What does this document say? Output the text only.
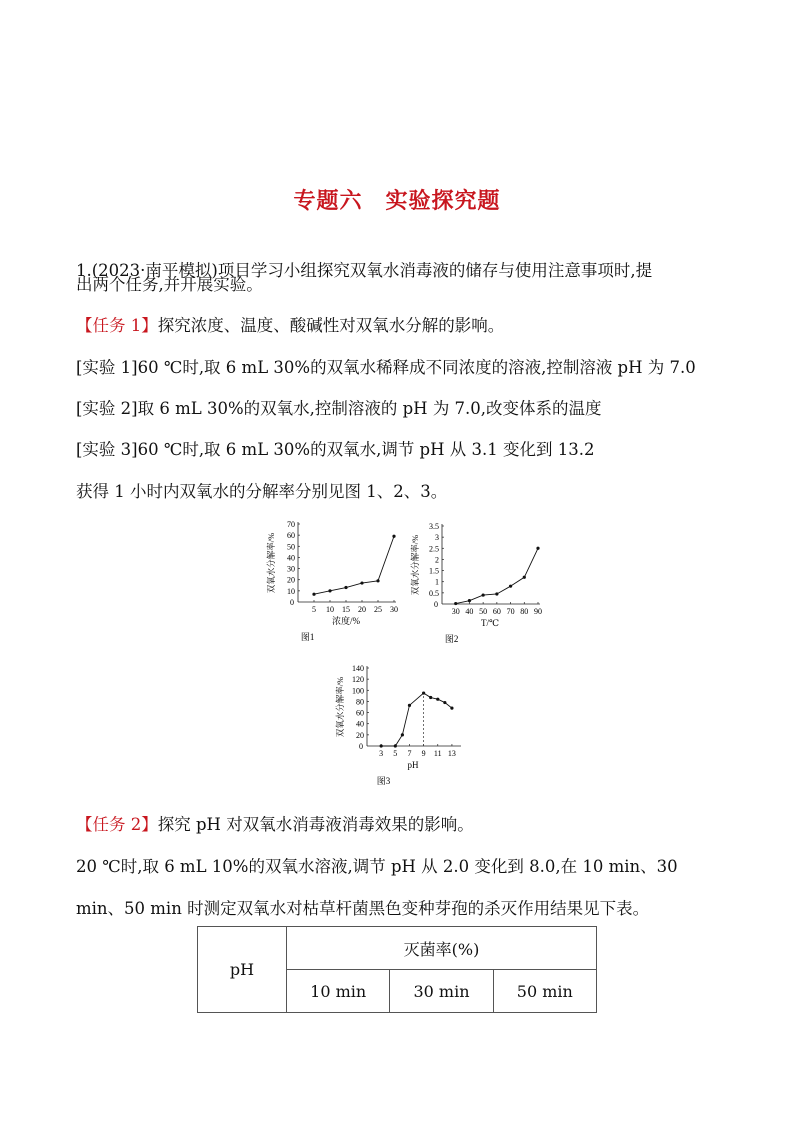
专题六　实验探究题
1.(2023·南平模拟)项目学习小组探究双氧水消毒液的储存与使用注意事项时,提
出两个任务,并开展实验。
【任务 1】探究浓度、温度、酸碱性对双氧水分解的影响。
[实验 1]60 ℃时,取 6 mL 30%的双氧水稀释成不同浓度的溶液,控制溶液 pH 为 7.0
[实验 2]取 6 mL 30%的双氧水,控制溶液的 pH 为 7.0,改变体系的温度
[实验 3]60 ℃时,取 6 mL 30%的双氧水,调节 pH 从 3.1 变化到 13.2
获得 1 小时内双氧水的分解率分别见图 1、2、3。
0
10
20
30
40
50
60
70
5 10 15 20 25 30
双氧水分解率/%
浓度/%
图1
0
0.5
1
1.5
2
2.5
3
3.5
30 40 50 60 70 80 90
双氧水分解率/%
T/℃
图2
0
20
40
60
80
100
120
140
3 5 7 9 11 13
双氧水分解率/%
pH
图3
【任务 2】探究 pH 对双氧水消毒液消毒效果的影响。
20 ℃时,取 6 mL 10%的双氧水溶液,调节 pH 从 2.0 变化到 8.0,在 10 min、30
min、50 min 时测定双氧水对枯草杆菌黑色变种芽孢的杀灭作用结果见下表。
pH	灭菌率(%)		
	10 min	30 min	50 min
